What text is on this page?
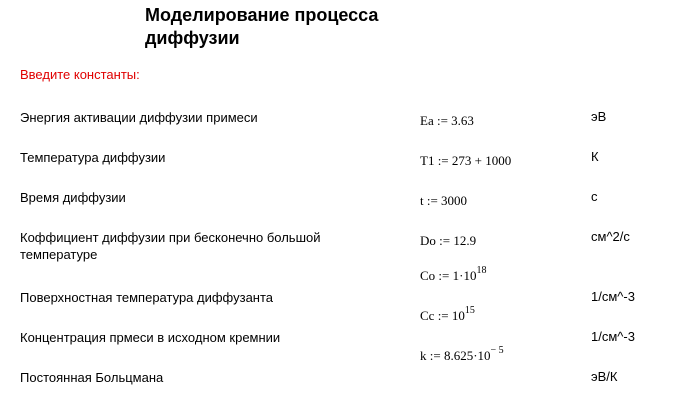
Моделирование процесса диффузии
Введите константы:
Энергия активации диффузии примеси
Температура диффузии
Время диффузии
Коффициент диффузии при бесконечно большой температуре
Поверхностная температура диффузанта
Концентрация прмеси в исходном кремнии
Постоянная Больцмана
Ea := 3.63
T1 := 273 + 1000
t := 3000
Do := 12.9
Co := $1\cdot 10^{18}$
Cc := $10^{15}$
k := $8.625\cdot 10^{- 5}$
эВ
К
с
см^2/с
1/см^-3
1/см^-3
эВ/К
